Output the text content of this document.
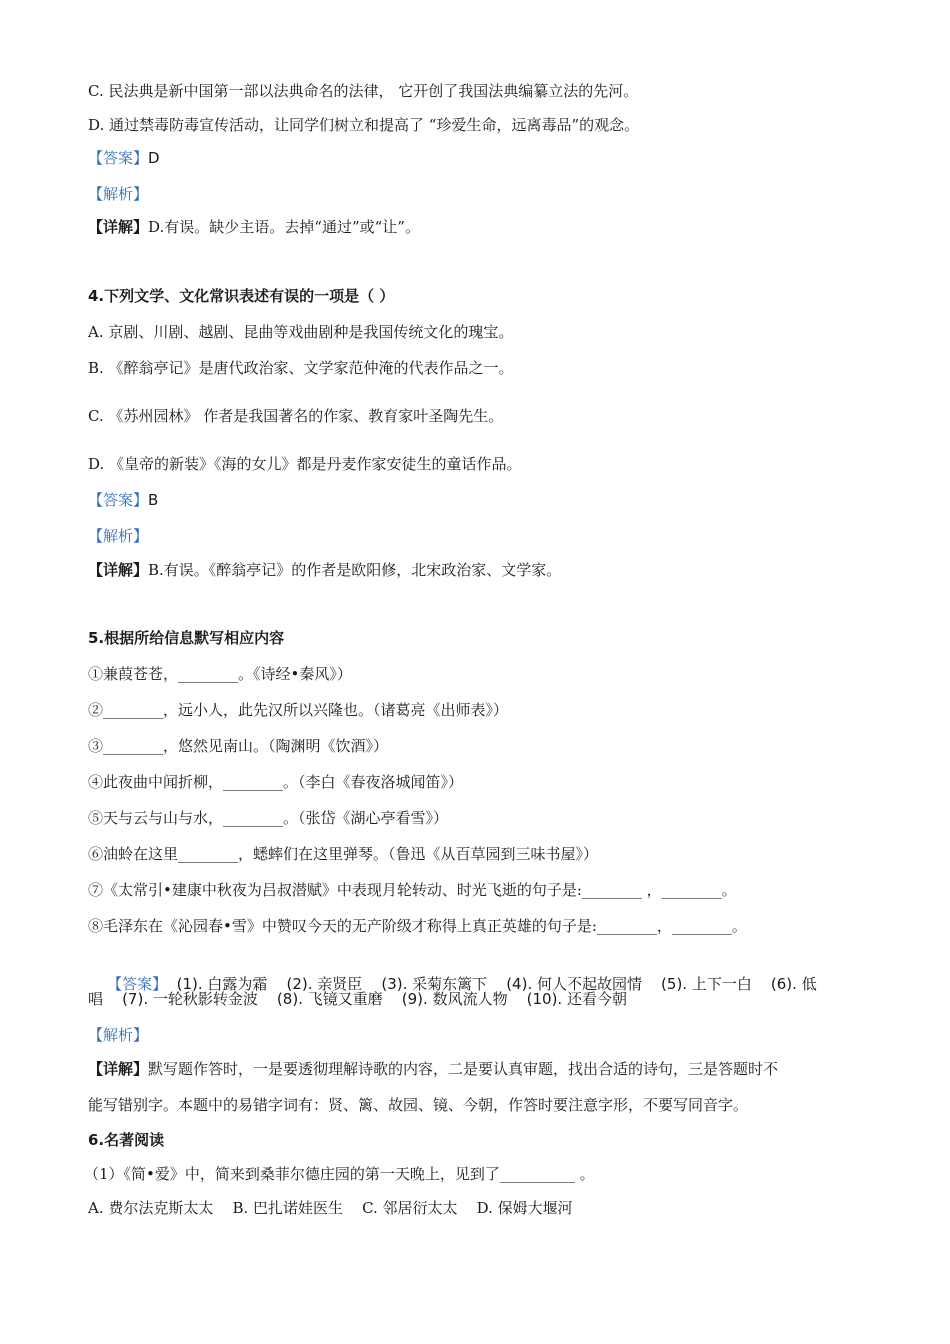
C. 民法典是新中国第一部以法典命名的法律， 它开创了我国法典编纂立法的先河。
D. 通过禁毒防毒宣传活动，让同学们树立和提高了 “珍爱生命，远离毒品”的观念。
【答案】D
【解析】
【详解】D.有误。缺少主语。去掉“通过”或“让”。
4.下列文学、文化常识表述有误的一项是（ ）
A. 京剧、川剧、越剧、昆曲等戏曲剧种是我国传统文化的瑰宝。
B. 《醉翁亭记》是唐代政治家、文学家范仲淹的代表作品之一。
C. 《苏州园林》 作者是我国著名的作家、教育家叶圣陶先生。
D. 《皇帝的新装》《海的女儿》都是丹麦作家安徒生的童话作品。
【答案】B
【解析】
【详解】B.有误。《醉翁亭记》的作者是欧阳修，北宋政治家、文学家。
5.根据所给信息默写相应内容
①兼葭苍苍，________。《诗经•秦风》）
②________，远小人，此先汉所以兴隆也。（诸葛亮《出师表》）
③________，悠然见南山。（陶渊明《饮酒》）
④此夜曲中闻折柳，________。（李白《春夜洛城闻笛》）
⑤天与云与山与水，________。（张岱《湖心亭看雪》）
⑥油蛉在这里________，蟋蟀们在这里弹琴。（鲁迅《从百草园到三味书屋》）
⑦《太常引•建康中秋夜为吕叔潜赋》中表现月轮转动、时光飞逝的句子是:________ ，________。
⑧毛泽东在《沁园春•雪》中赞叹今天的无产阶级才称得上真正英雄的句子是:________，________。

【答案】  (1). 白露为霜    (2). 亲贤臣    (3). 采菊东篱下    (4). 何人不起故园情    (5). 上下一白    (6). 低

唱    (7). 一轮秋影转金波    (8). 飞镜又重磨    (9). 数风流人物    (10). 还看今朝
【解析】
【详解】默写题作答时，一是要透彻理解诗歌的内容，二是要认真审题，找出合适的诗句，三是答题时不
能写错别字。本题中的易错字词有：贤、篱、故园、镜、今朝，作答时要注意字形，不要写同音字。
6.名著阅读
（1）《简•爱》中，简来到桑菲尔德庄园的第一天晚上，见到了__________ 。
A. 费尔法克斯太太    B. 巴扎诺娃医生    C. 邻居衍太太    D. 保姆大堰河
